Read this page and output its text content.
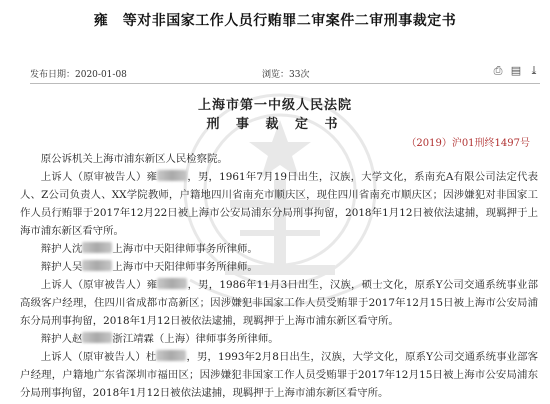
雍​　等对非国家工作人员行贿罪二审案件二审刑事裁定书
发布日期：2020-01-08	浏览：33次	⎙ ▤ ⤓
上海市第一中级人民法院
刑 事 裁 定 书
（2019）沪01刑终1497号

原公诉机关上海市浦东新区人民检察院。

上诉人（原审被告人）雍	，男，1961年7月19日出生，汉族，大学文化，系南充A有限公司法定代表人、Z公司负责人、XX学院教师，户籍地四川省南充市顺庆区，现住四川省南充市顺庆区；因涉嫌犯对非国家工作人员行贿罪于2017年12月22日被上海市公安局浦东分局刑事拘留，2018年1月12日被依法逮捕，现羁押于上海市浦东新区看守所。

辩护人沈	上海市中天阳律师事务所律师。

辩护人吴	上海市中天阳律师事务所律师。

上诉人（原审被告人）雍	，男，1986年11月3日出生，汉族，硕士文化，原系Y公司交通系统事业部高级客户经理，住四川省成都市高新区；因涉嫌犯非国家工作人员受贿罪于2017年12月15日被上海市公安局浦东分局刑事拘留，2018年1月12日被依法逮捕，现羁押于上海市浦东新区看守所。

辩护人赵	浙江靖霖（上海）律师事务所律师。

上诉人（原审被告人）杜	，男，1993年2月8日出生，汉族，大学文化，原系Y公司交通系统事业部客户经理，户籍地广东省深圳市福田区；因涉嫌犯非国家工作人员受贿罪于2017年12月15日被上海市公安局浦东分局刑事拘留，2018年1月12日被依法逮捕，现羁押于上海市浦东新区看守所。
